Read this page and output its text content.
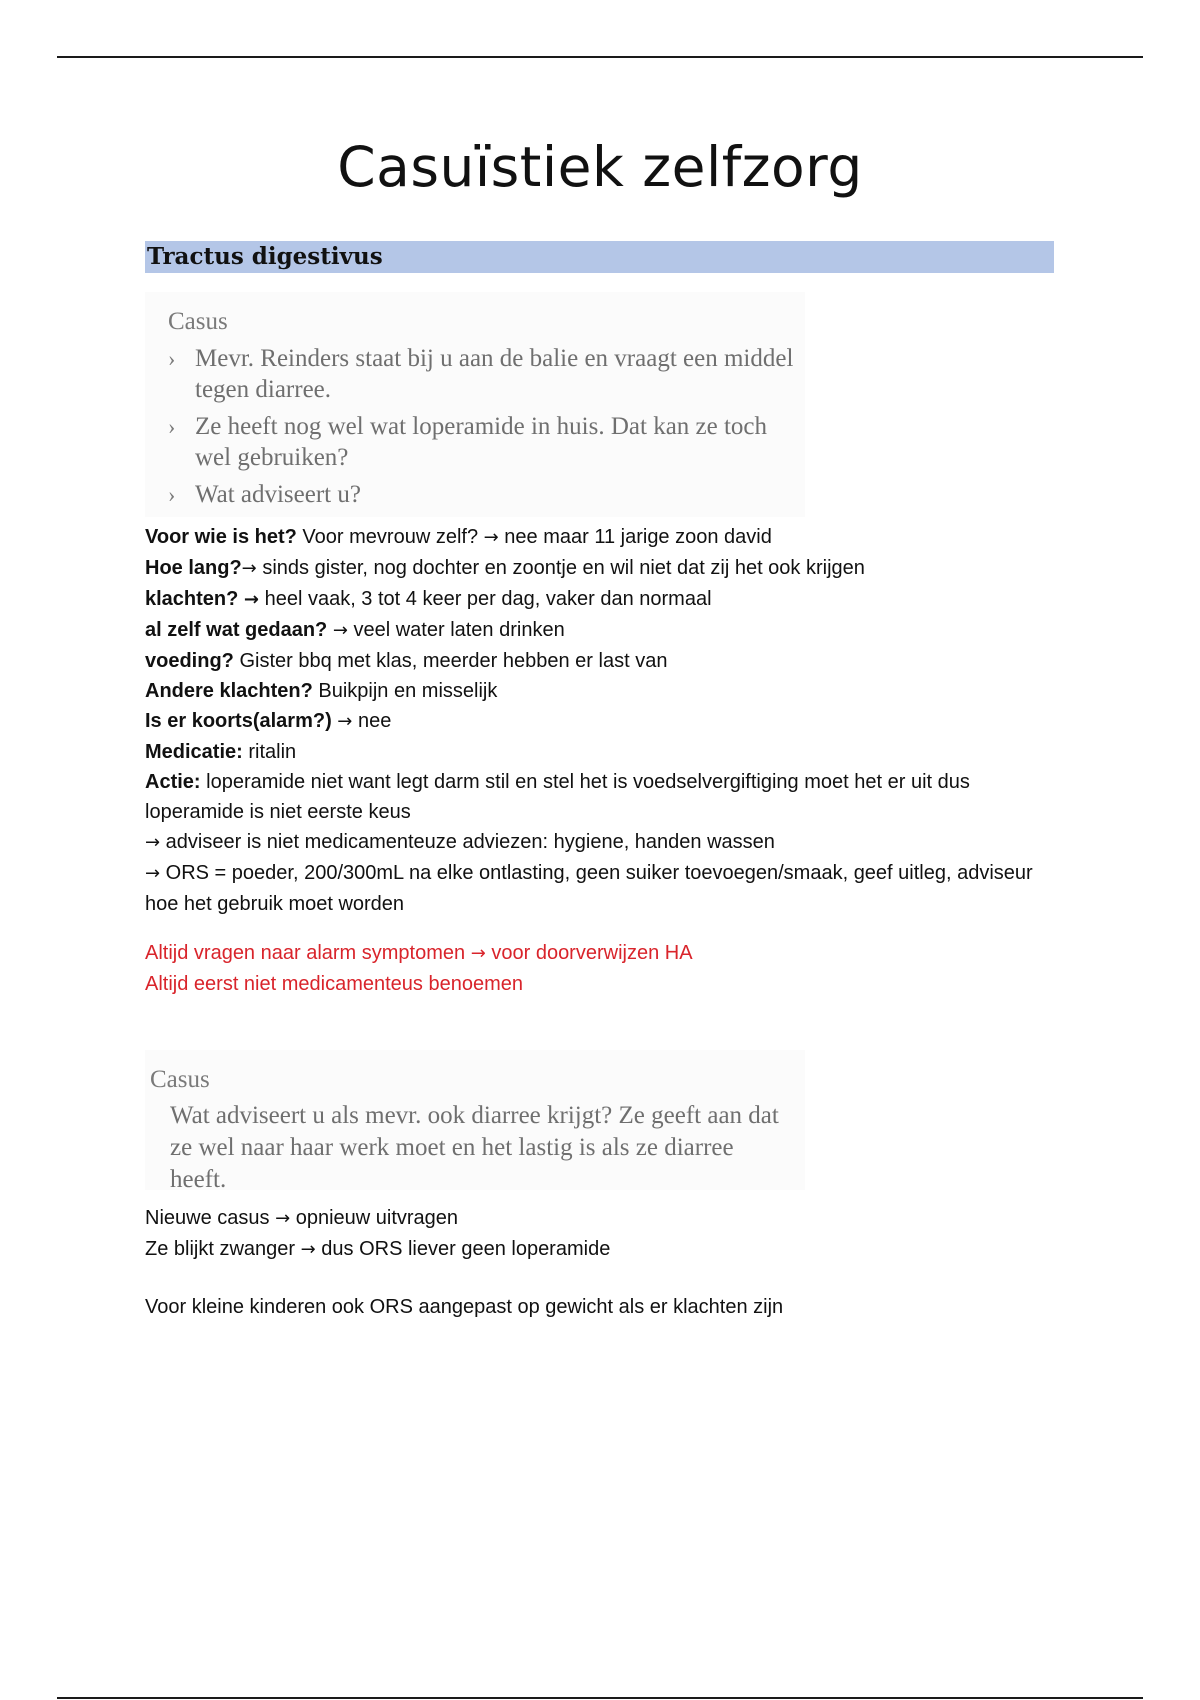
Casuïstiek zelfzorg
Tractus digestivus
Casus
› Mevr. Reinders staat bij u aan de balie en vraagt een middel tegen diarree.
› Ze heeft nog wel wat loperamide in huis. Dat kan ze toch wel gebruiken?
› Wat adviseert u?

Voor wie is het? Voor mevrouw zelf? → nee maar 11 jarige zoon david

Hoe lang?→ sinds gister, nog dochter en zoontje en wil niet dat zij het ook krijgen

klachten? → heel vaak, 3 tot 4 keer per dag, vaker dan normaal

al zelf wat gedaan? → veel water laten drinken

voeding? Gister bbq met klas, meerder hebben er last van

Andere klachten? Buikpijn en misselijk

Is er koorts(alarm?) → nee

Medicatie: ritalin

Actie: loperamide niet want legt darm stil en stel het is voedselvergiftiging moet het er uit dus loperamide is niet eerste keus

→ adviseer is niet medicamenteuze adviezen: hygiene, handen wassen

→ ORS = poeder, 200/300mL na elke ontlasting, geen suiker toevoegen/smaak, geef uitleg, adviseur hoe het gebruik moet worden

Altijd vragen naar alarm symptomen → voor doorverwijzen HA

Altijd eerst niet medicamenteus benoemen

Casus

Wat adviseert u als mevr. ook diarree krijgt? Ze geeft aan dat ze wel naar haar werk moet en het lastig is als ze diarree heeft.

Nieuwe casus → opnieuw uitvragen

Ze blijkt zwanger → dus ORS liever geen loperamide

Voor kleine kinderen ook ORS aangepast op gewicht als er klachten zijn
